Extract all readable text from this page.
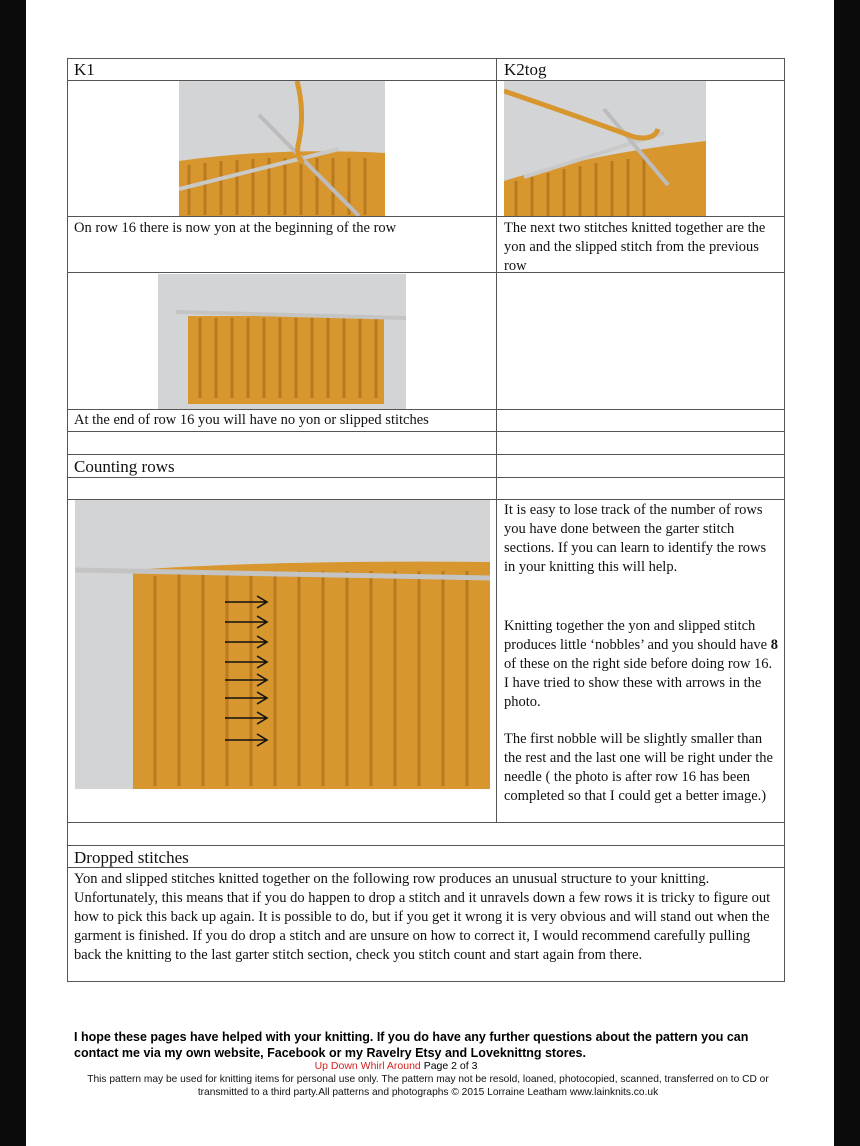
K1	K2tog
On row 16 there is now yon at the beginning of the row	The next two stitches knitted together are the yon and the slipped stitch from the previous row
At the end of row 16 you will have no yon or slipped stitches
Counting rows
It is easy to lose track of the number of rows you have done between the garter stitch sections. If you can learn to identify the rows in your knitting this will help.
Knitting together the yon and slipped stitch produces little ‘nobbles’ and you should have 8 of these on the right side before doing row 16. I have tried to show these with arrows in the photo.
The first nobble will be slightly smaller than the rest and the last one will be right under the needle ( the photo is after row 16 has been completed so that I could get a better image.)
Dropped stitches
Yon and slipped stitches knitted together on the following row produces an unusual structure to your knitting. Unfortunately, this means that if you do happen to drop a stitch and it unravels down a few rows it is tricky to figure out how to pick this back up again. It is possible to do, but if you get it wrong it is very obvious and will stand out when the garment is finished. If you do drop a stitch and are unsure on how to correct it, I would recommend carefully pulling back the knitting to the last garter stitch section, check you stitch count and start again from there.
I hope these pages have helped with your knitting. If you do have any further questions about the pattern you can contact me via my own website, Facebook or my Ravelry Etsy and Loveknittng stores.
Up Down Whirl Around Page 2 of 3
This pattern may be used for knitting items for personal use only. The pattern may not be resold, loaned, photocopied, scanned, transferred on to CD or transmitted to a third party.All patterns and photographs © 2015 Lorraine Leatham www.lainknits.co.uk
